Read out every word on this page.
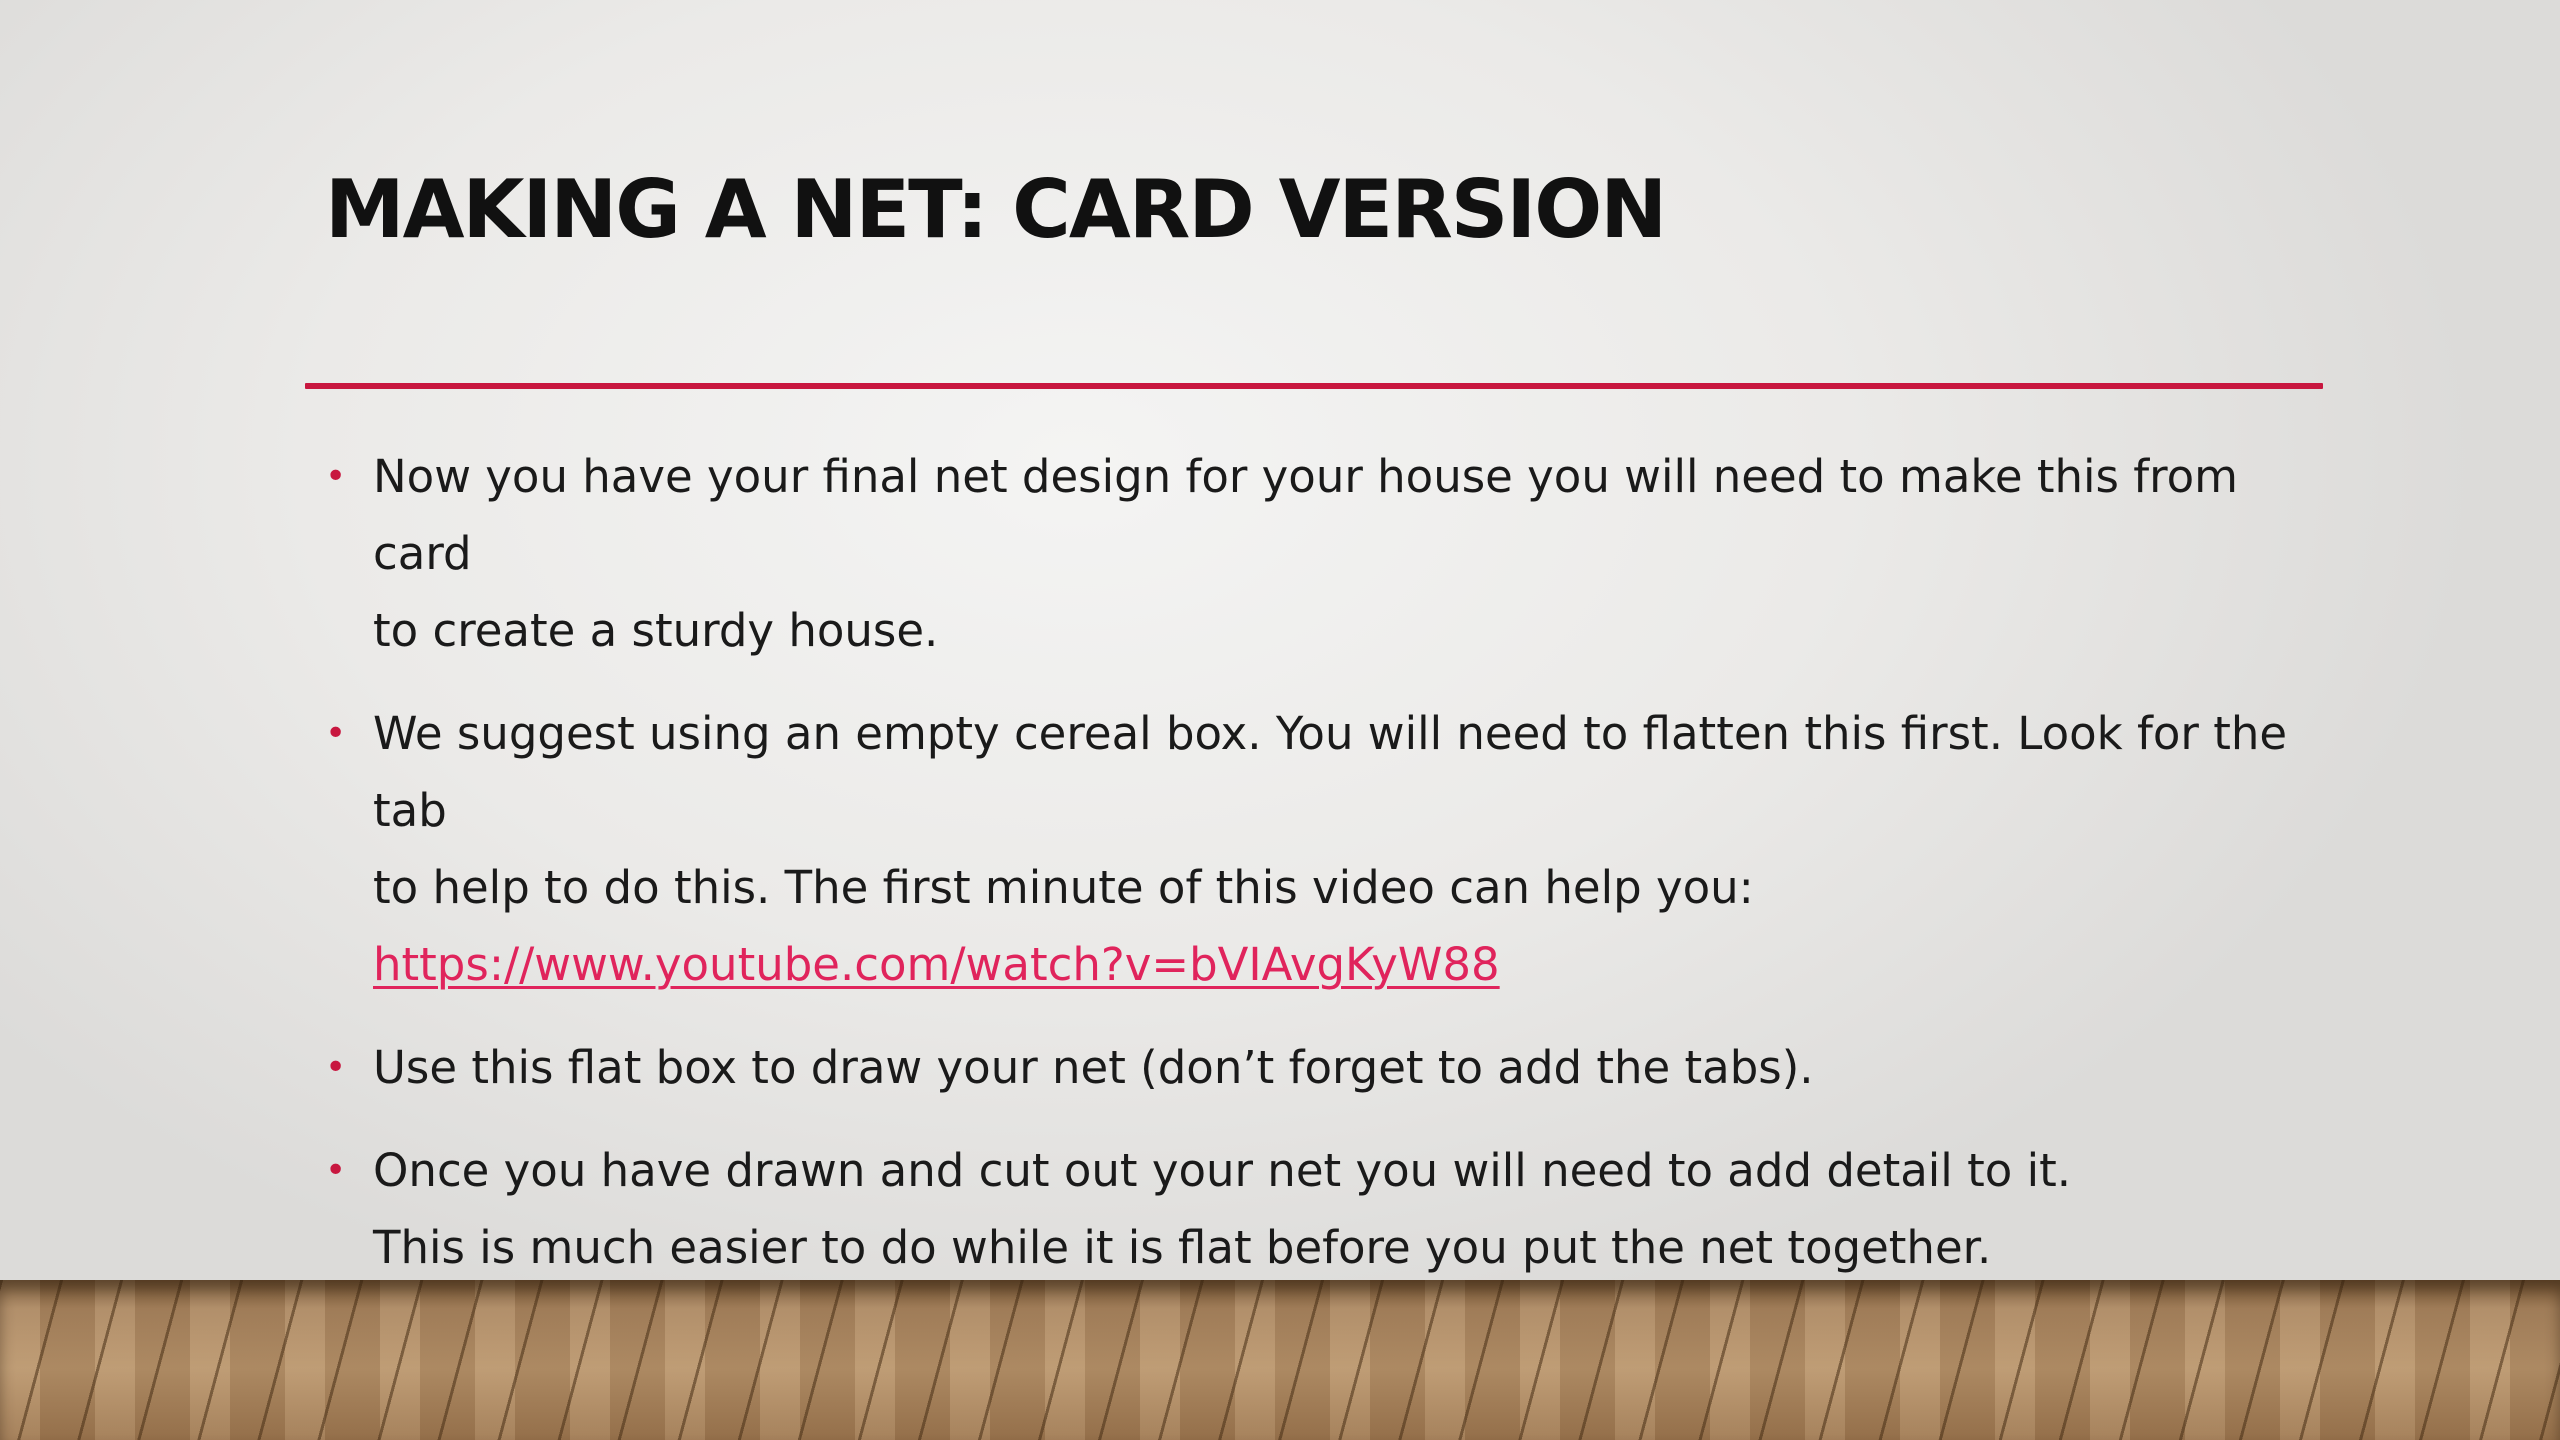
MAKING A NET: CARD VERSION
• Now you have your final net design for your house you will need to make this from card
to create a sturdy house.
• We suggest using an empty cereal box. You will need to flatten this first. Look for the tab
to help to do this. The first minute of this video can help you:
https://www.youtube.com/watch?v=bVIAvgKyW88
• Use this flat box to draw your net (don’t forget to add the tabs).
• Once you have drawn and cut out your net you will need to add detail to it.
This is much easier to do while it is flat before you put the net together.
